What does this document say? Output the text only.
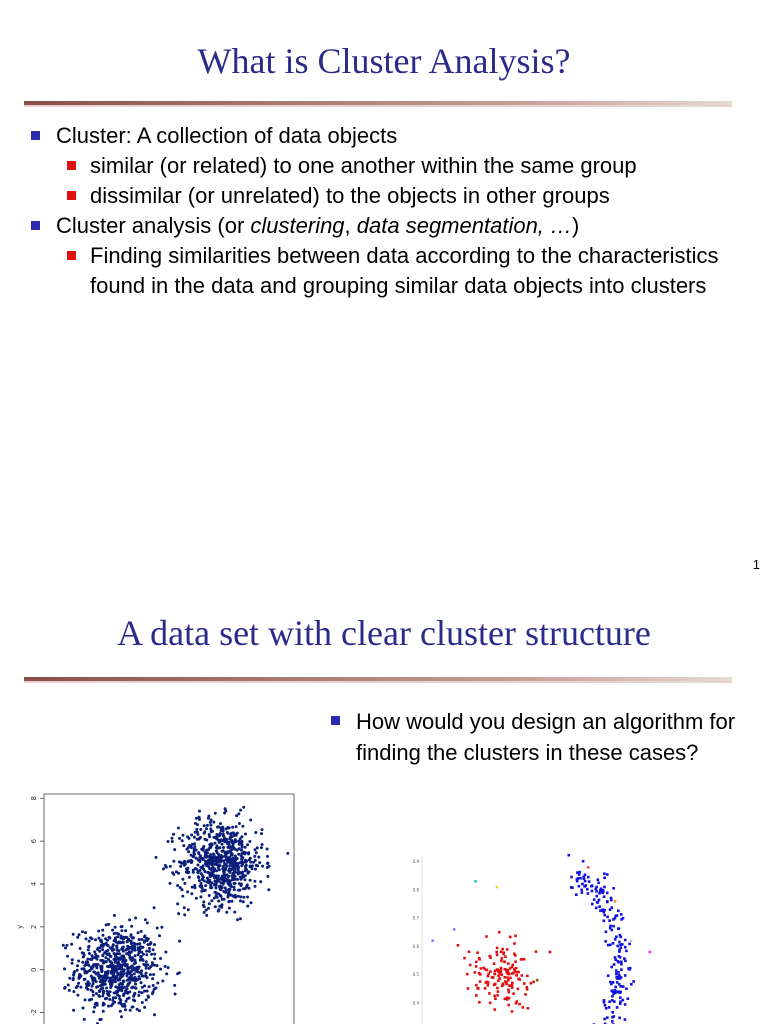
What is Cluster Analysis?
Cluster: A collection of data objects
similar (or related) to one another within the same group
dissimilar (or unrelated) to the objects in other groups
Cluster analysis (or clustering, data segmentation, …)
Finding similarities between data according to the characteristics found in the data and grouping similar data objects into clusters
1
A data set with clear cluster structure
How would you design an algorithm for finding the clusters in these cases?
-2
0
2
4
6
8
y
0.9
0.8
0.7
0.6
0.5
0.4
